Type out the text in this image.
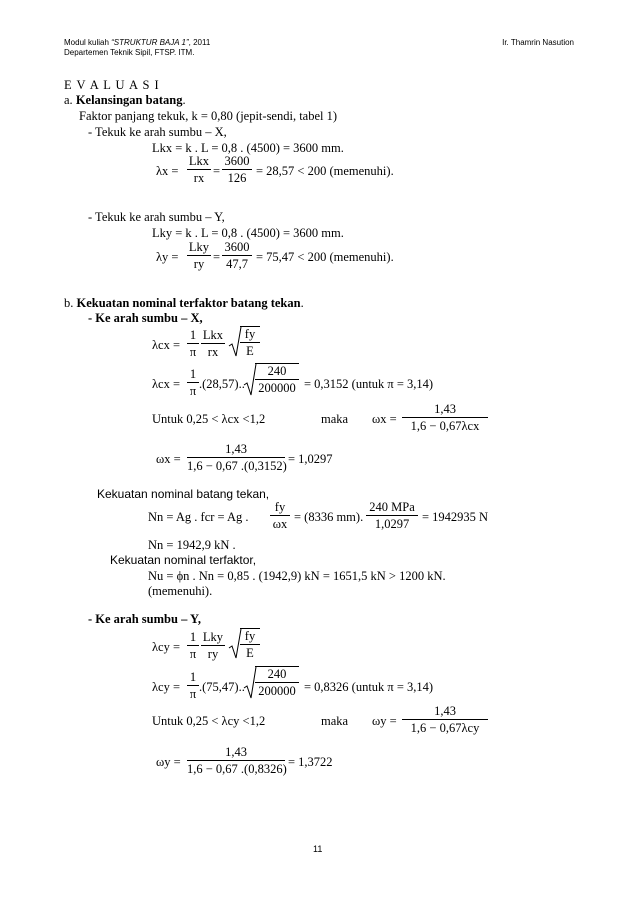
Modul kuliah “STRUKTUR BAJA 1”, 2011
Departemen Teknik Sipil, FTSP. ITM.
Ir. Thamrin Nasution
E V A L U A S I
a. Kelansingan batang.
Faktor panjang tekuk, k = 0,80 (jepit-sendi, tabel 1)
- Tekuk ke arah sumbu – X,
Lkx = k . L = 0,8 . (4500) = 3600 mm.
λx =
Lkx
rx =
3600
126 = 28,57 < 200 (memenuhi).
- Tekuk ke arah sumbu – Y,
Lky = k . L = 0,8 . (4500) = 3600 mm.
λy =
Lky
ry =
3600
47,7 = 75,47 < 200 (memenuhi).
b. Kekuatan nominal terfaktor batang tekan.
- Ke arah sumbu – X,
λcx =
1
π
Lkx
rx
fy
E
λcx =
1
π .(28,57)..
240
200000 = 0,3152 (untuk π = 3,14)
Untuk 0,25 < λcx <1,2	maka ωx =
1,43
1,6 − 0,67λcx
ωx =
1,43
1,6 − 0,67 .(0,3152) = 1,0297
Kekuatan nominal batang tekan,
Nn = Ag . fcr = Ag .
fy
ωx = (8336 mm).
240 MPa
1,0297	= 1942935 N
Nn = 1942,9 kN .
Kekuatan nominal terfaktor,
Nu = ϕn . Nn = 0,85 . (1942,9) kN = 1651,5 kN > 1200 kN.
(memenuhi).
- Ke arah sumbu – Y,
λcy =
1
π
Lky
ry
fy
E
λcy =
1
π .(75,47)..
240
200000 = 0,8326 (untuk π = 3,14)
Untuk 0,25 < λcy <1,2	maka ωy =
1,43
1,6 − 0,67λcy
ωy =
1,43
1,6 − 0,67 .(0,8326) = 1,3722
11
